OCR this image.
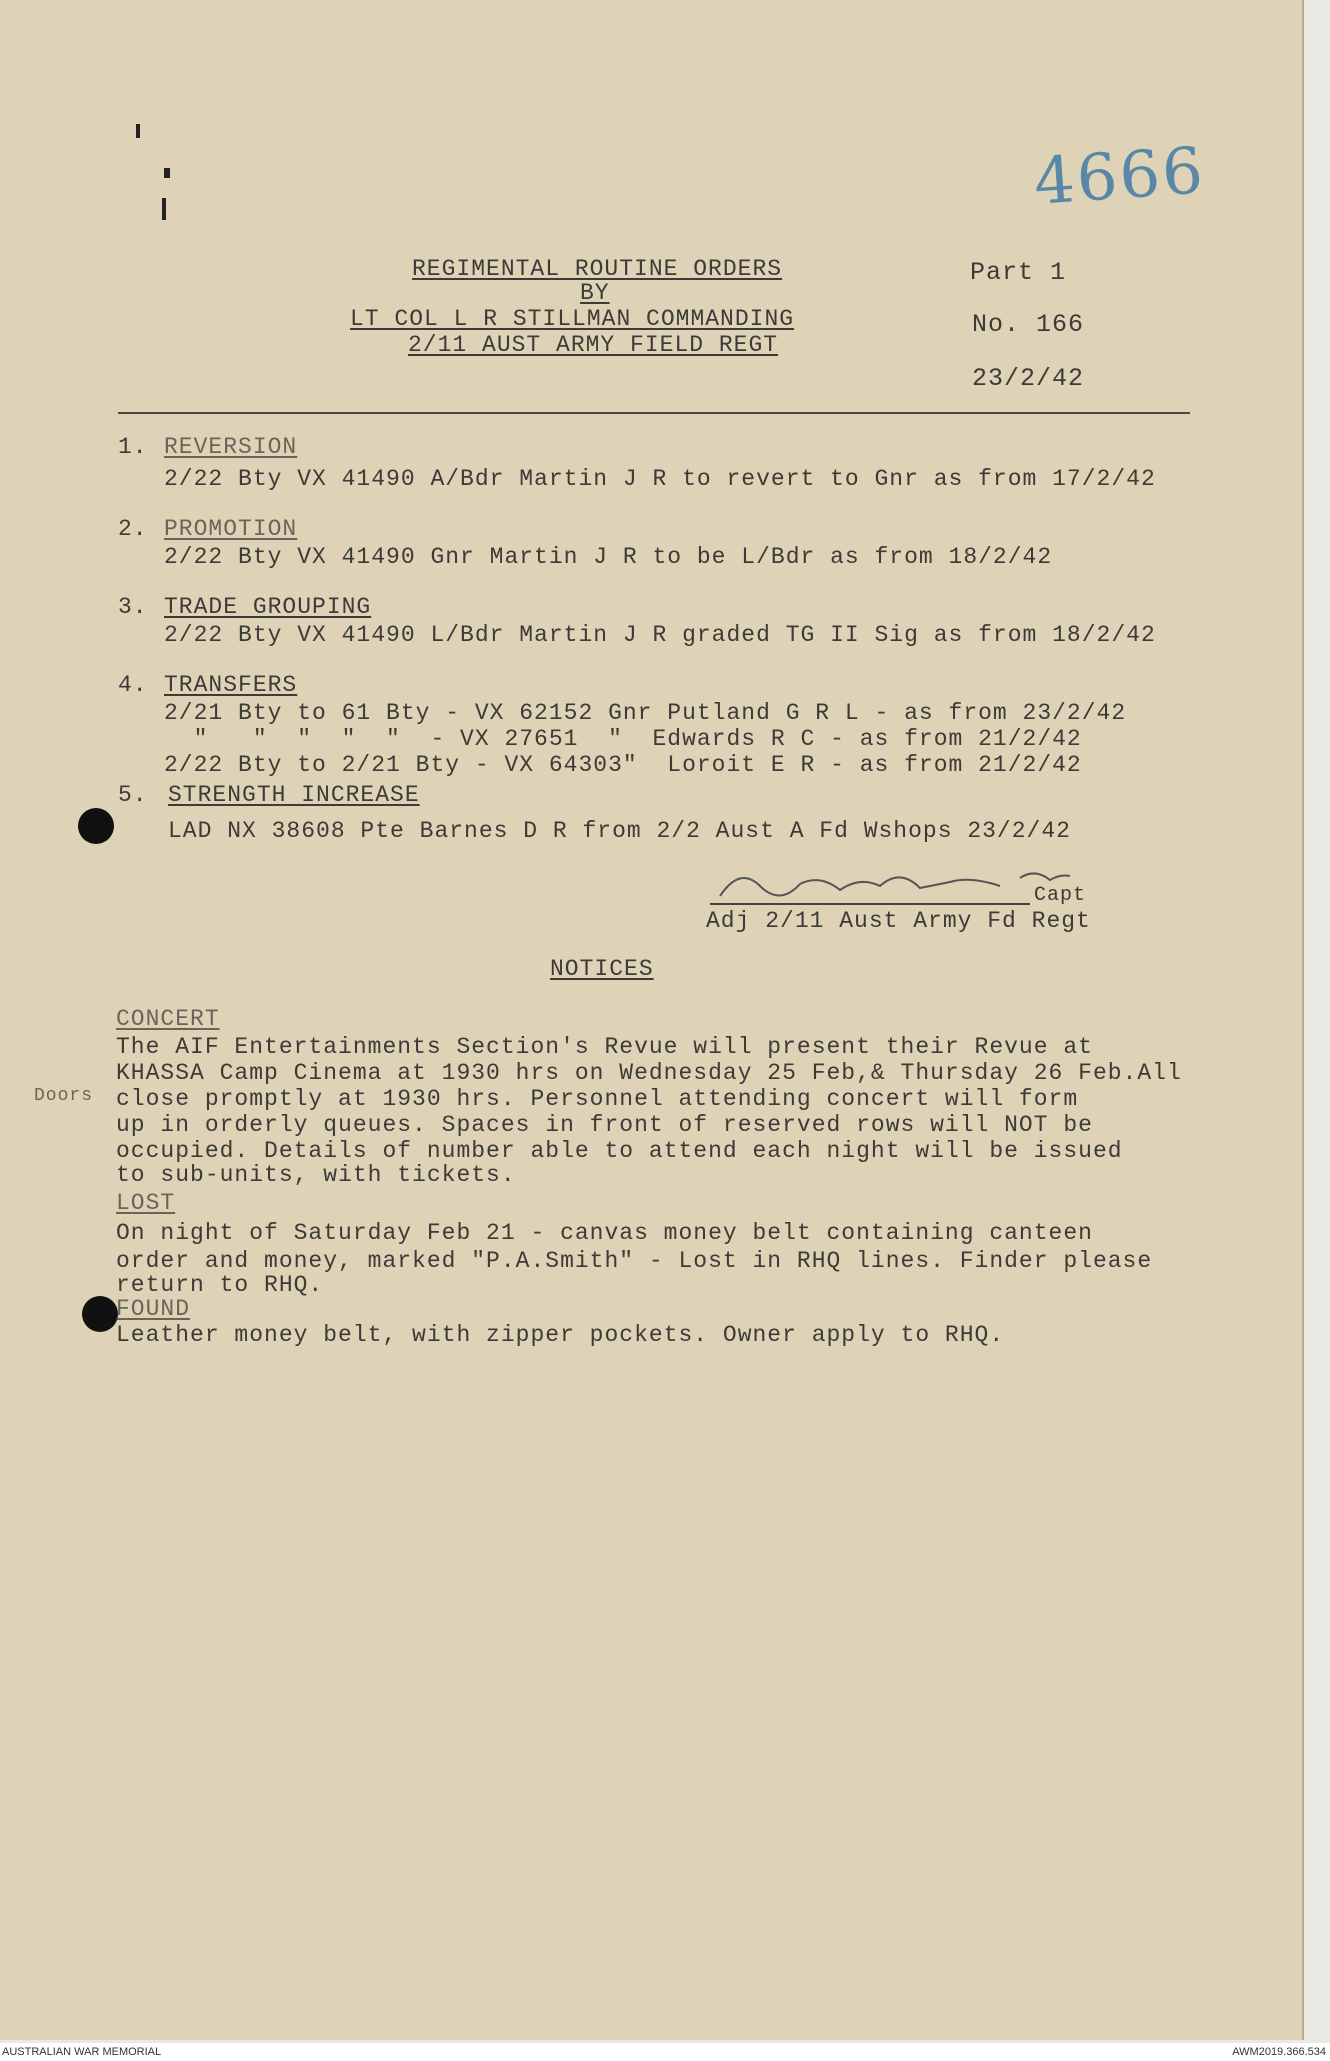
4666
REGIMENTAL ROUTINE ORDERS
BY
LT COL L R STILLMAN COMMANDING
2/11 AUST ARMY FIELD REGT
Part 1
No. 166
23/2/42
1. REVERSION
2/22 Bty VX 41490 A/Bdr Martin J R to revert to Gnr as from 17/2/42
2. PROMOTION
2/22 Bty VX 41490 Gnr Martin J R to be L/Bdr as from 18/2/42
3. TRADE GROUPING
2/22 Bty VX 41490 L/Bdr Martin J R graded TG II Sig as from 18/2/42
4. TRANSFERS
2/21 Bty to 61 Bty - VX 62152 Gnr Putland G R L - as from 23/2/42
"   "  "  "  "  - VX 27651  "  Edwards R C - as from 21/2/42
2/22 Bty to 2/21 Bty - VX 64303"  Loroit E R - as from 21/2/42
5. STRENGTH INCREASE
LAD NX 38608 Pte Barnes D R from 2/2 Aust A Fd Wshops 23/2/42
Capt
Adj 2/11 Aust Army Fd Regt
NOTICES
CONCERT
The AIF Entertainments Section's Revue will present their Revue at
KHASSA Camp Cinema at 1930 hrs on Wednesday 25 Feb,& Thursday 26 Feb.All
Doors close promptly at 1930 hrs. Personnel attending concert will form
up in orderly queues. Spaces in front of reserved rows will NOT be
occupied. Details of number able to attend each night will be issued
to sub-units, with tickets.
LOST
On night of Saturday Feb 21 - canvas money belt containing canteen
order and money, marked "P.A.Smith" - Lost in RHQ lines. Finder please
return to RHQ.
FOUND
Leather money belt, with zipper pockets. Owner apply to RHQ.
AUSTRALIAN WAR MEMORIAL	AWM2019.366.534
